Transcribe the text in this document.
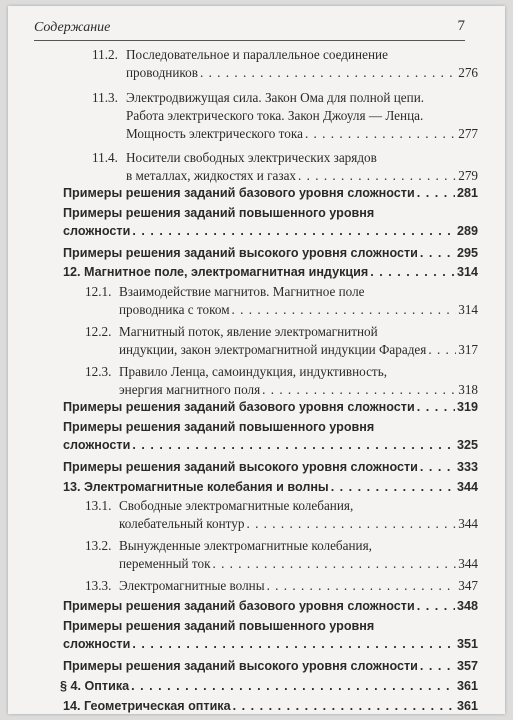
Содержание	7
11.2. Последовательное и параллельное соединение
проводников . . .	276
11.3. Электродвижущая сила. Закон Ома для полной цепи.
Работа электрического тока. Закон Джоуля — Ленца.
Мощность электрического тока . . .	277
11.4. Носители свободных электрических зарядов
в металлах, жидкостях и газах . . .	279
Примеры решения заданий базового уровня сложности . . .	281
Примеры решения заданий повышенного уровня
сложности . . .	289
Примеры решения заданий высокого уровня сложности . . .	295
12. Магнитное поле, электромагнитная индукция . . .	314
12.1. Взаимодействие магнитов. Магнитное поле
проводника с током . . .	314
12.2. Магнитный поток, явление электромагнитной
индукции, закон электромагнитной индукции Фарадея . . . 317
12.3. Правило Ленца, самоиндукция, индуктивность,
энергия магнитного поля . . .	318
Примеры решения заданий базового уровня сложности . . .	319
Примеры решения заданий повышенного уровня
сложности . . .	325
Примеры решения заданий высокого уровня сложности . . .	333
13. Электромагнитные колебания и волны . . .	344
13.1. Свободные электромагнитные колебания,
колебательный контур . . .	344
13.2. Вынужденные электромагнитные колебания,
переменный ток . . .	344
13.3. Электромагнитные волны . . .	347
Примеры решения заданий базового уровня сложности . . .	348
Примеры решения заданий повышенного уровня
сложности . . .	351
Примеры решения заданий высокого уровня сложности . . .	357
§ 4. Оптика . . .	361
14. Геометрическая оптика . . .	361
